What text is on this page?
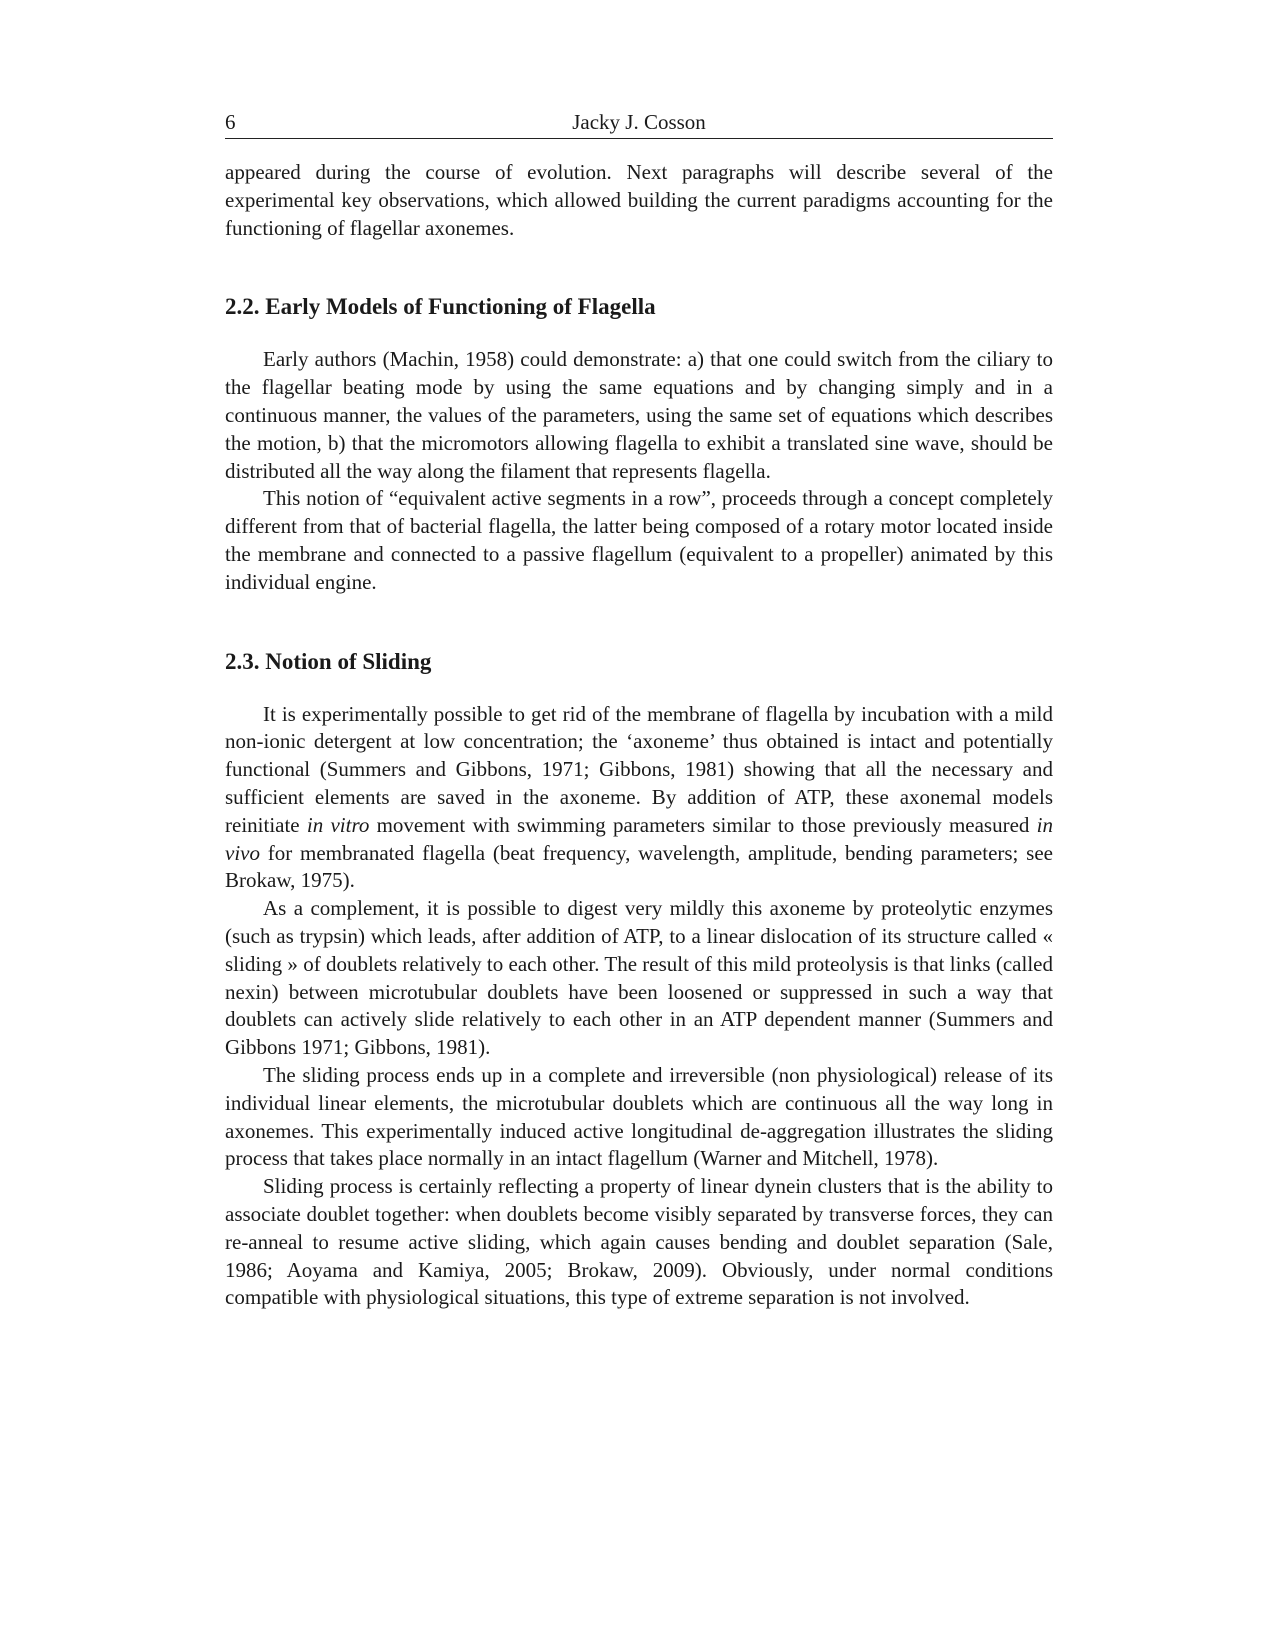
6	Jacky J. Cosson

appeared during the course of evolution. Next paragraphs will describe several of the experimental key observations, which allowed building the current paradigms accounting for the functioning of flagellar axonemes.

2.2. Early Models of Functioning of Flagella

Early authors (Machin, 1958) could demonstrate: a) that one could switch from the ciliary to the flagellar beating mode by using the same equations and by changing simply and in a continuous manner, the values of the parameters, using the same set of equations which describes the motion, b) that the micromotors allowing flagella to exhibit a translated sine wave, should be distributed all the way along the filament that represents flagella.

This notion of “equivalent active segments in a row”, proceeds through a concept completely different from that of bacterial flagella, the latter being composed of a rotary motor located inside the membrane and connected to a passive flagellum (equivalent to a propeller) animated by this individual engine.

2.3. Notion of Sliding

It is experimentally possible to get rid of the membrane of flagella by incubation with a mild non-ionic detergent at low concentration; the ‘axoneme’ thus obtained is intact and potentially functional (Summers and Gibbons, 1971; Gibbons, 1981) showing that all the necessary and sufficient elements are saved in the axoneme. By addition of ATP, these axonemal models reinitiate in vitro movement with swimming parameters similar to those previously measured in vivo for membranated flagella (beat frequency, wavelength, amplitude, bending parameters; see Brokaw, 1975).

As a complement, it is possible to digest very mildly this axoneme by proteolytic enzymes (such as trypsin) which leads, after addition of ATP, to a linear dislocation of its structure called « sliding » of doublets relatively to each other. The result of this mild proteolysis is that links (called nexin) between microtubular doublets have been loosened or suppressed in such a way that doublets can actively slide relatively to each other in an ATP dependent manner (Summers and Gibbons 1971; Gibbons, 1981).

The sliding process ends up in a complete and irreversible (non physiological) release of its individual linear elements, the microtubular doublets which are continuous all the way long in axonemes. This experimentally induced active longitudinal de-aggregation illustrates the sliding process that takes place normally in an intact flagellum (Warner and Mitchell, 1978).

Sliding process is certainly reflecting a property of linear dynein clusters that is the ability to associate doublet together: when doublets become visibly separated by transverse forces, they can re-anneal to resume active sliding, which again causes bending and doublet separation (Sale, 1986; Aoyama and Kamiya, 2005; Brokaw, 2009). Obviously, under normal conditions compatible with physiological situations, this type of extreme separation is not involved.
